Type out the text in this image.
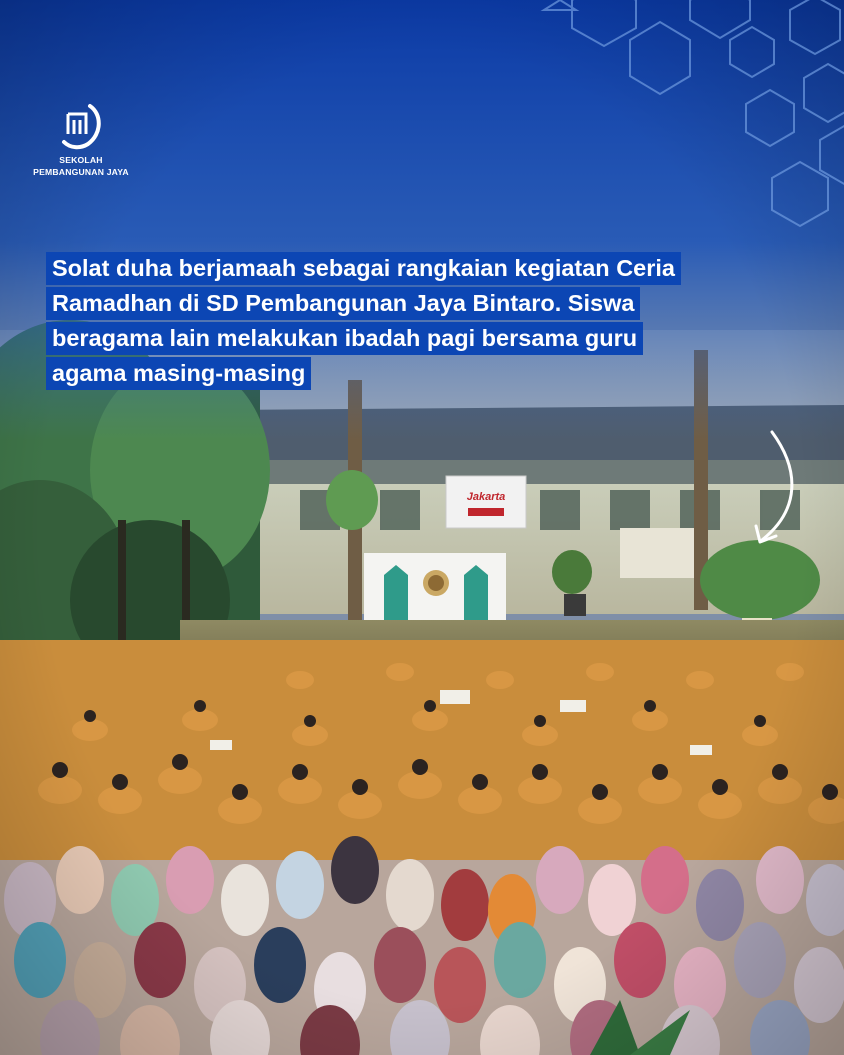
SEKOLAH
PEMBANGUNAN JAYA
Solat duha berjamaah sebagai rangkaian kegiatan Ceria
Ramadhan di SD Pembangunan Jaya Bintaro. Siswa
beragama lain melakukan ibadah pagi bersama guru
agama masing-masing
